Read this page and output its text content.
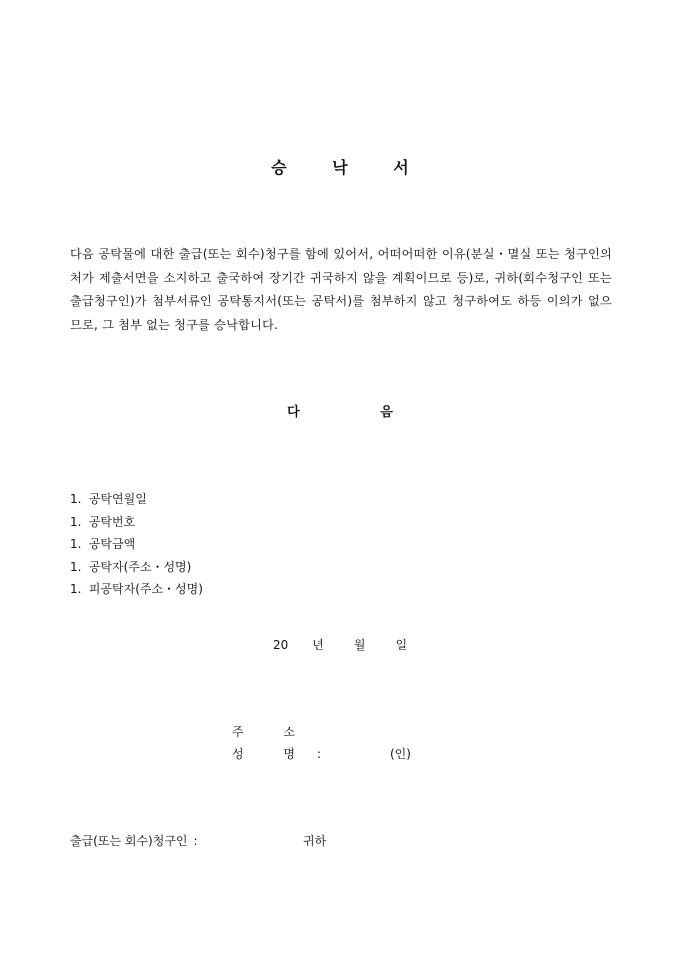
승 낙 서
다음 공탁물에 대한 출급(또는 회수)청구를 함에 있어서, 어떠어떠한 이유(분실・멸실 또는 청구인의 처가 제출서면을 소지하고 출국하여 장기간 귀국하지 않을 계획이므로 등)로, 귀하(회수청구인 또는 출급청구인)가 첨부서류인 공탁통지서(또는 공탁서)를 첨부하지 않고 청구하여도 하등 이의가 없으므로, 그 첨부 없는 청구를 승낙합니다.
다 음
1. 공탁연월일
1. 공탁번호
1. 공탁금액
1. 공탁자(주소・성명)
1. 피공탁자(주소・성명)
20 년	월	일
주 소
성 명 :	(인)
출급(또는 회수)청구인 :	귀하
